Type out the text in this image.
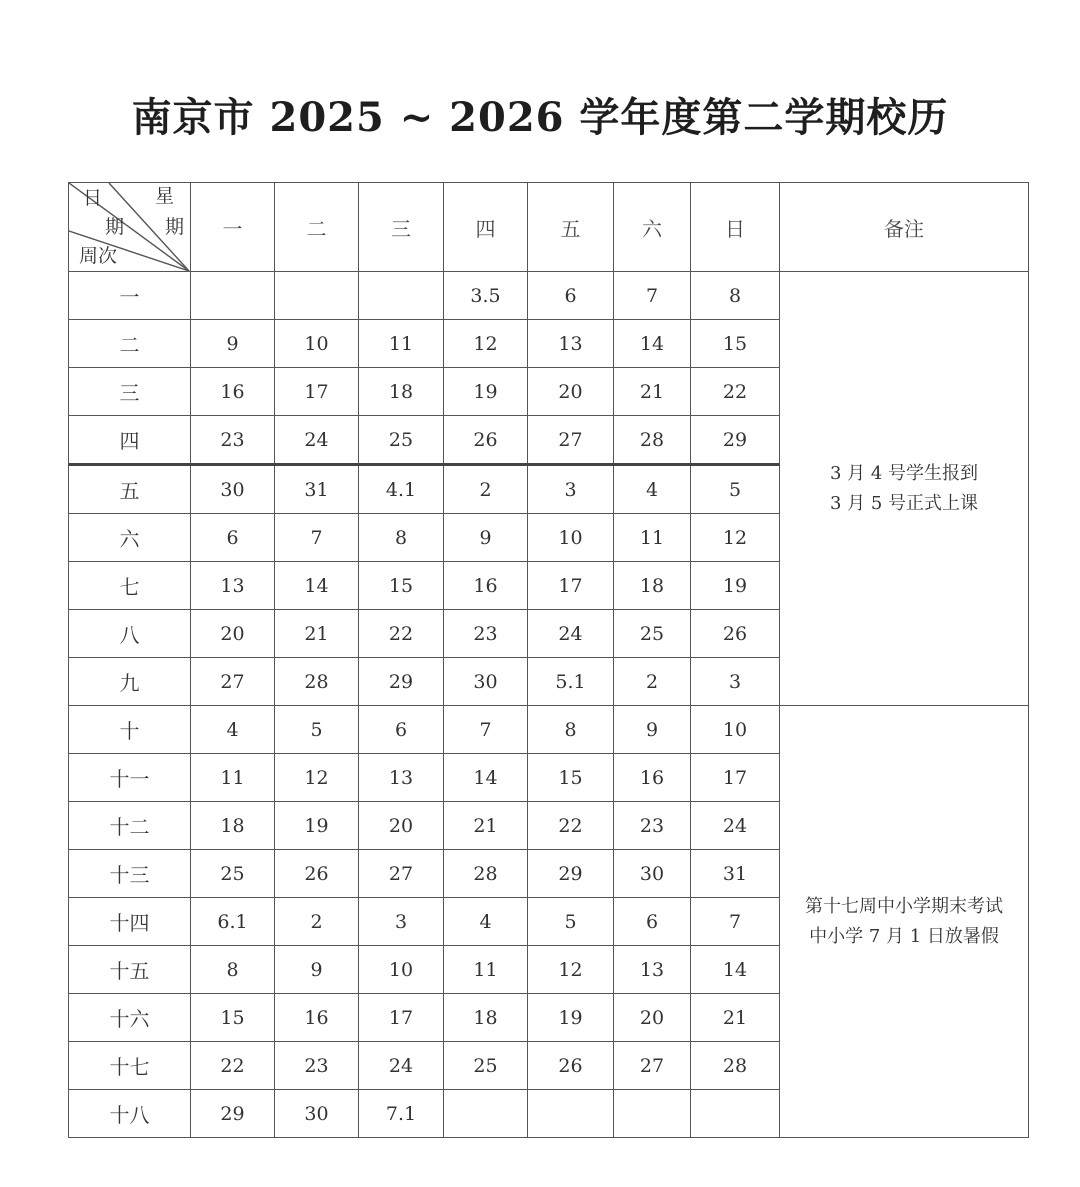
南京市 2025 ~ 2026 学年度第二学期校历
日 星
期 期
周次	一	二	三	四	五	六	日	备注
一				3.5	6	7	8	3 月 4 号学生报到
3 月 5 号正式上课

二	9	10	11	12	13	14	15	
三	16	17	18	19	20	21	22	
四	23	24	25	26	27	28	29	
五	30	31	4.1	2	3	4	5	
六	6	7	8	9	10	11	12	
七	13	14	15	16	17	18	19	
八	20	21	22	23	24	25	26	
九	27	28	29	30	5.1	2	3	
十	4	5	6	7	8	9	10	第十七周中小学期末考试
中小学 7 月 1 日放暑假

十一	11	12	13	14	15	16	17	
十二	18	19	20	21	22	23	24	
十三	25	26	27	28	29	30	31	
十四	6.1	2	3	4	5	6	7	
十五	8	9	10	11	12	13	14	
十六	15	16	17	18	19	20	21	
十七	22	23	24	25	26	27	28	
十八	29	30	7.1					
